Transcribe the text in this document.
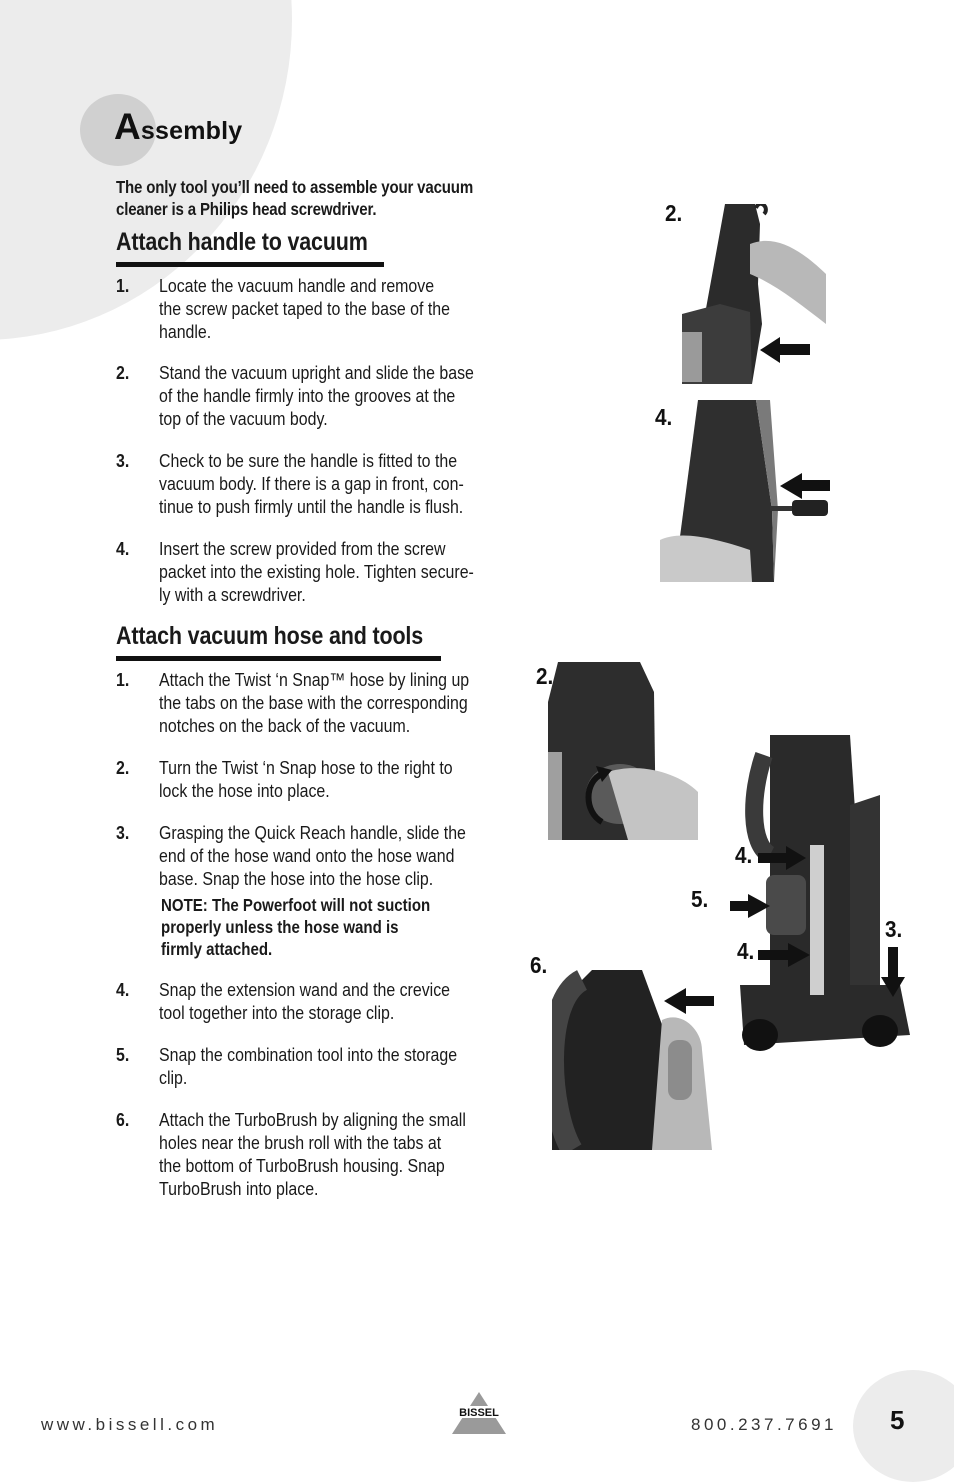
Assembly
The only tool you’ll need to assemble your vacuum cleaner is a Philips head screwdriver.
Attach handle to vacuum
1. Locate the vacuum handle and remove
the screw packet taped to the base of the
handle.
2. Stand the vacuum upright and slide the base
of the handle firmly into the grooves at the
top of the vacuum body.
3. Check to be sure the handle is fitted to the
vacuum body. If there is a gap in front, con-
tinue to push firmly until the handle is flush.
4. Insert the screw provided from the screw
packet into the existing hole. Tighten secure-
ly with a screwdriver.
Attach vacuum hose and tools
1. Attach the Twist ‘n Snap™ hose by lining up
the tabs on the base with the corresponding
notches on the back of the vacuum.
2. Turn the Twist ‘n Snap hose to the right to
lock the hose into place.
3. Grasping the Quick Reach handle, slide the
end of the hose wand onto the hose wand
base. Snap the hose into the hose clip.
NOTE: The Powerfoot will not suction
properly unless the hose wand is
firmly attached.
4. Snap the extension wand and the crevice
tool together into the storage clip.
5. Snap the combination tool into the storage
clip.
6. Attach the TurboBrush by aligning the small
holes near the brush roll with the tabs at
the bottom of TurboBrush housing. Snap
TurboBrush into place.
2.
4.
2.
4.
5.
4.
3.
6.
www.bissell.com
BISSEL
800.237.7691 5
